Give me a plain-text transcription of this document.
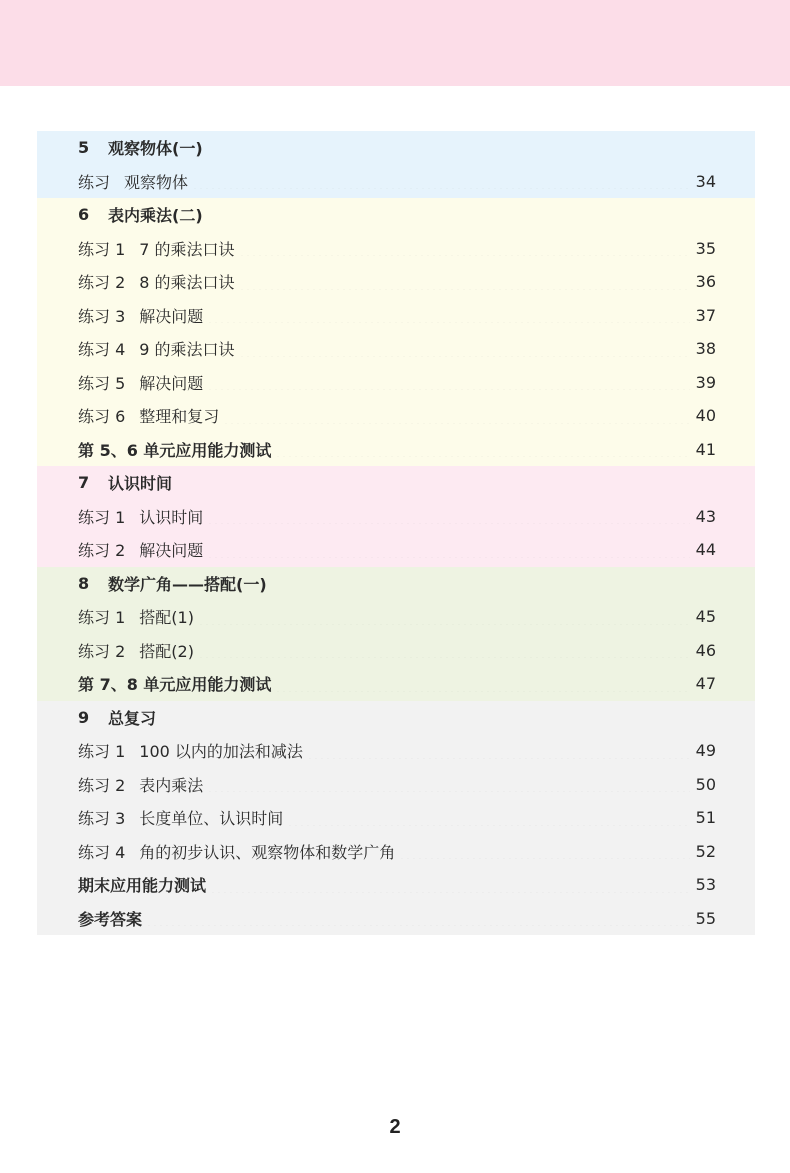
5	观察物体(一)
练习 观察物体	34
6	表内乘法(二)
练习 1 7 的乘法口诀	35
练习 2 8 的乘法口诀	36
练习 3 解决问题	37
练习 4 9 的乘法口诀	38
练习 5 解决问题	39
练习 6 整理和复习	40
第 5、6 单元应用能力测试	41
7	认识时间
练习 1 认识时间	43
练习 2 解决问题	44
8	数学广角——搭配(一)
练习 1 搭配(1)	45
练习 2 搭配(2)	46
第 7、8 单元应用能力测试	47
9	总复习
练习 1 100 以内的加法和减法	49
练习 2 表内乘法	50
练习 3 长度单位、认识时间	51
练习 4 角的初步认识、观察物体和数学广角	52
期末应用能力测试	53
参考答案	55
2
